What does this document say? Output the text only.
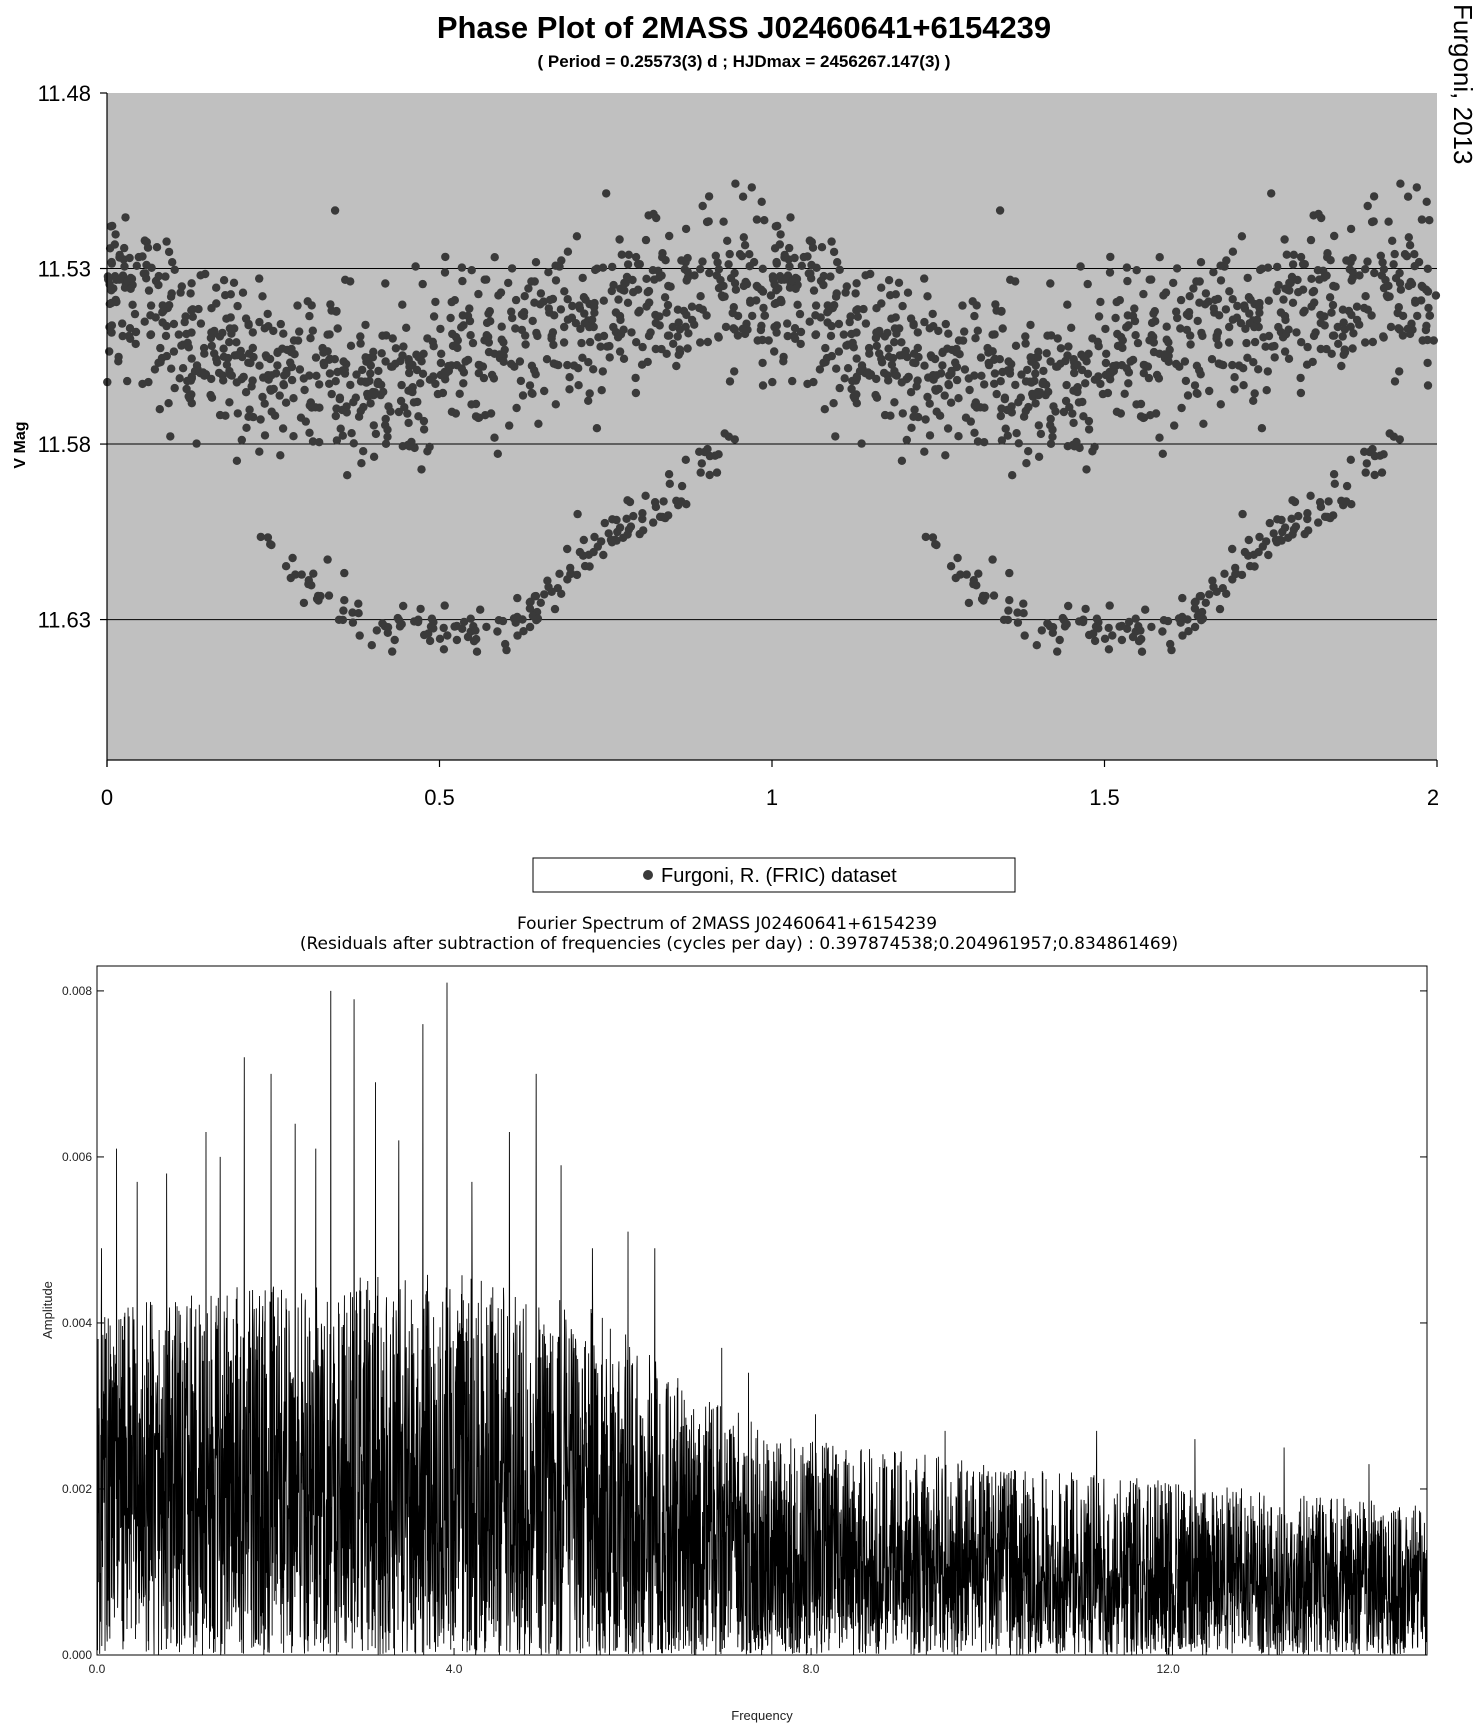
Phase Plot of 2MASS J02460641+6154239
( Period = 0.25573(3) d ; HJDmax = 2456267.147(3) )	Furgoni, 2013
11.48
11.53
11.58
11.63
0	0.5	1	1.5	2
V Mag
Furgoni, R. (FRIC) dataset
Fourier Spectrum of 2MASS J02460641+6154239
(Residuals after subtraction of frequencies (cycles per day) : 0.397874538;0.204961957;0.834861469)
0.0	4.0	8.0	12.0
0.000
0.002
0.004
0.006
0.008
Frequency
Amplitude
